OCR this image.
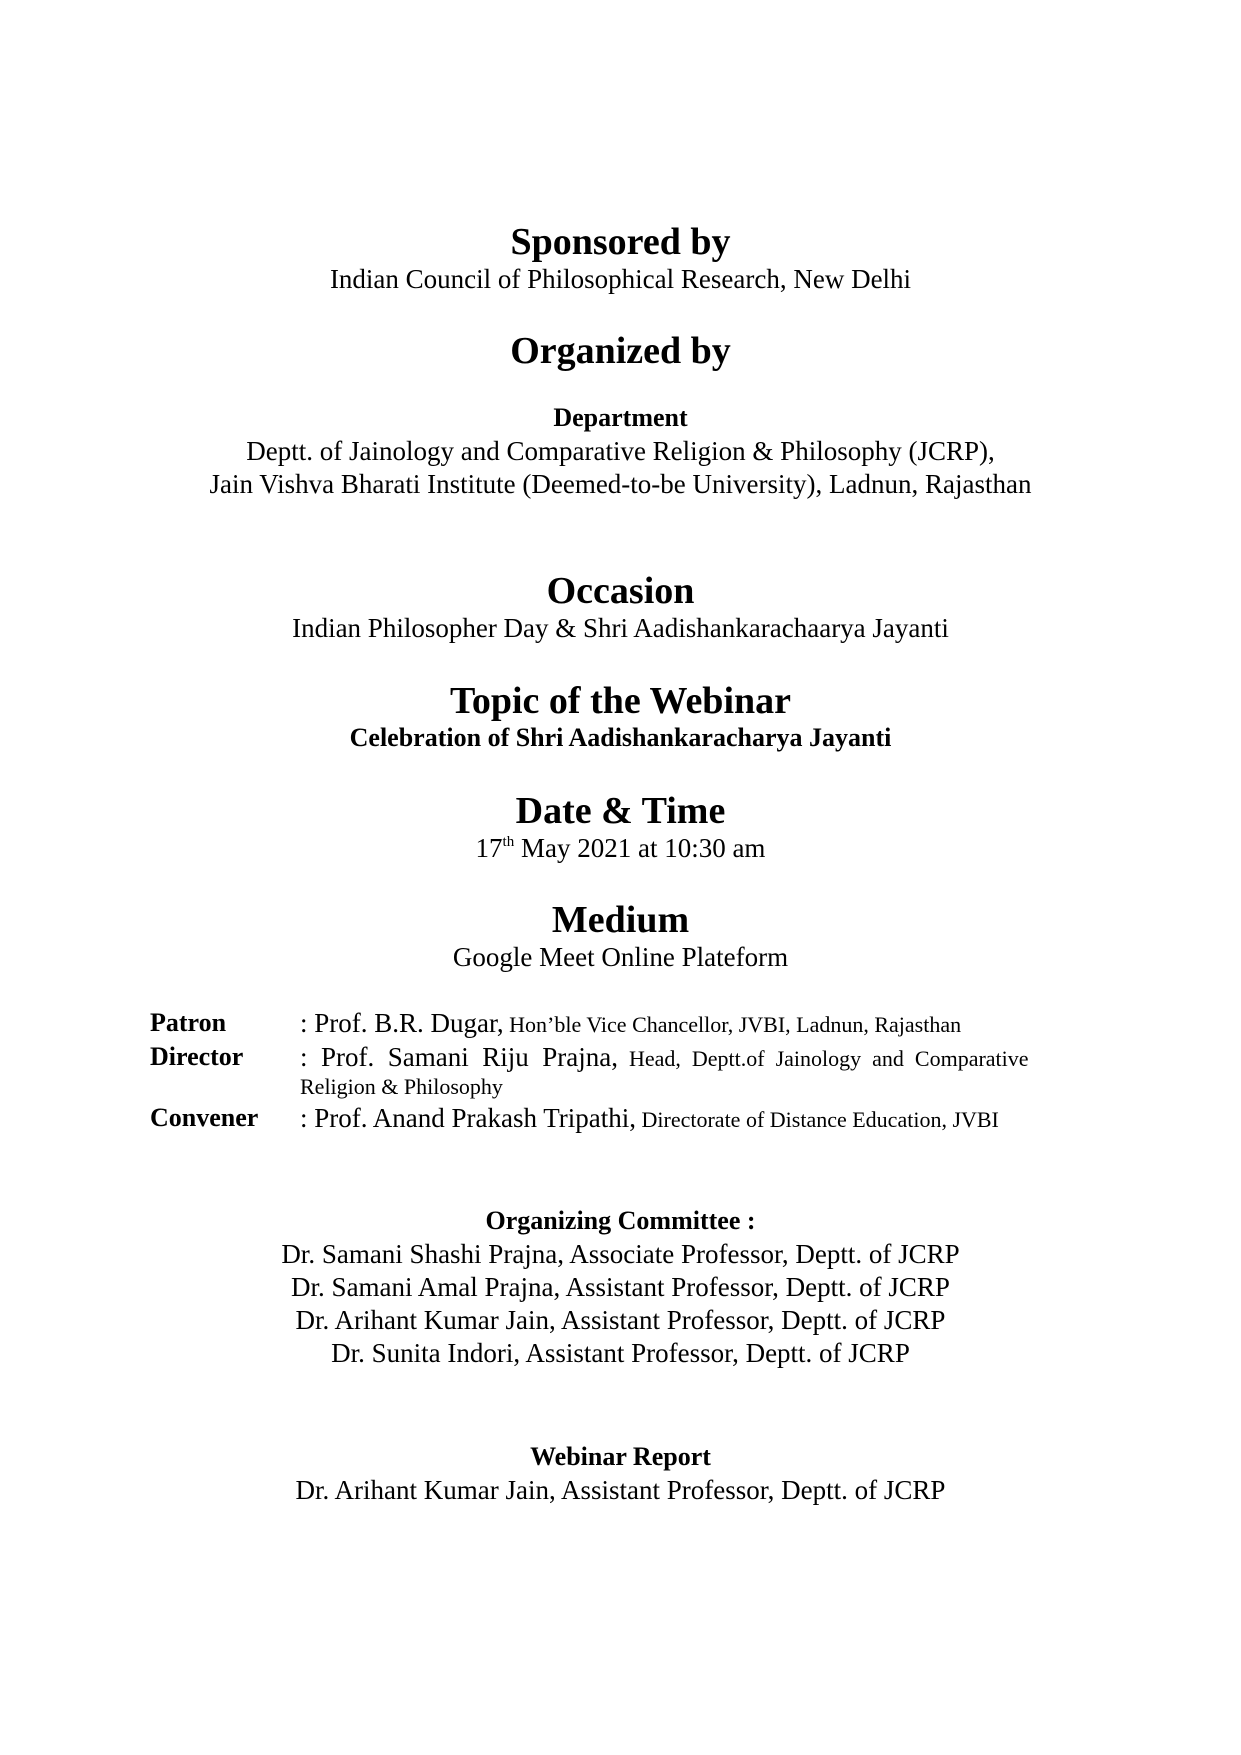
Sponsored by
Indian Council of Philosophical Research, New Delhi
Organized by
Department
Deptt. of Jainology and Comparative Religion & Philosophy (JCRP),
Jain Vishva Bharati Institute (Deemed-to-be University), Ladnun, Rajasthan
Occasion
Indian Philosopher Day & Shri Aadishankarachaarya Jayanti
Topic of the Webinar
Celebration of Shri Aadishankaracharya Jayanti
Date & Time
17th May 2021 at 10:30 am
Medium
Google Meet Online Plateform
Patron	: Prof. B.R. Dugar, Hon’ble Vice Chancellor, JVBI, Ladnun, Rajasthan
Director :  Prof.  Samani  Riju  Prajna,  Head,  Deptt.of  Jainology  and  Comparative
Religion & Philosophy
Convener : Prof. Anand Prakash Tripathi, Directorate of Distance Education, JVBI
Organizing Committee :
Dr. Samani Shashi Prajna, Associate Professor, Deptt. of JCRP
Dr. Samani Amal Prajna, Assistant Professor, Deptt. of JCRP
Dr. Arihant Kumar Jain, Assistant Professor, Deptt. of JCRP
Dr. Sunita Indori, Assistant Professor, Deptt. of JCRP
Webinar Report
Dr. Arihant Kumar Jain, Assistant Professor, Deptt. of JCRP
